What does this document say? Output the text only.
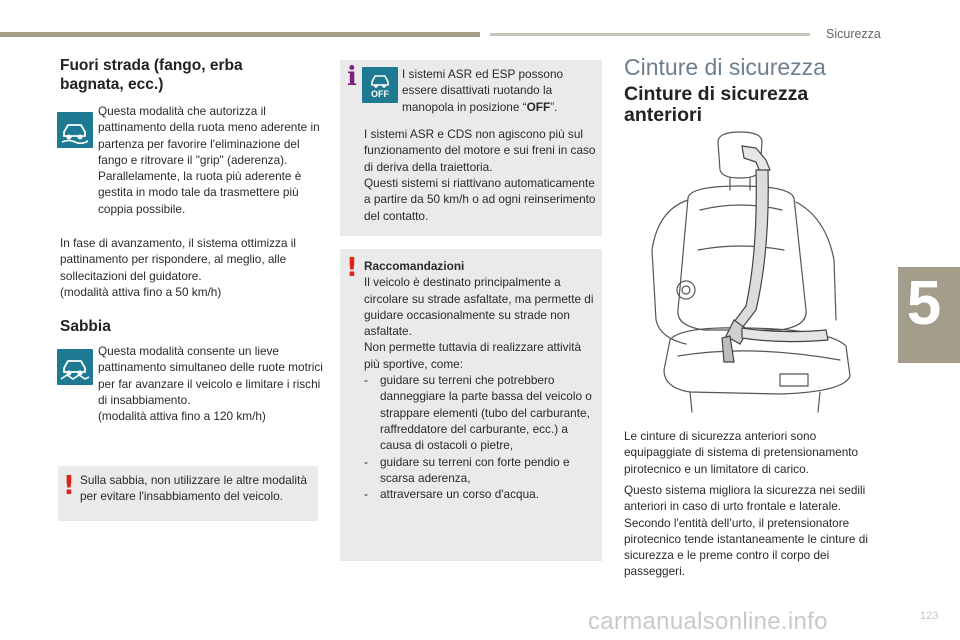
Sicurezza
5
Fuori strada (fango, erba bagnata, ecc.)
Questa modalità che autorizza il pattinamento della ruota meno aderente in partenza per favorire l'eliminazione del fango e ritrovare il "grip" (aderenza). Parallelamente, la ruota più aderente è gestita in modo tale da trasmettere più coppia possibile.
In fase di avanzamento, il sistema ottimizza il pattinamento per rispondere, al meglio, alle sollecitazioni del guidatore.
(modalità attiva fino a 50 km/h)
Sabbia
Questa modalità consente un lieve pattinamento simultaneo delle ruote motrici per far avanzare il veicolo e limitare i rischi di insabbiamento.
(modalità attiva fino a 120 km/h)
! Sulla sabbia, non utilizzare le altre modalità per evitare l'insabbiamento del veicolo.
i
OFF
I sistemi ASR ed ESP possono essere disattivati ruotando la manopola in posizione “OFF”.
I sistemi ASR e CDS non agiscono più sul funzionamento del motore e sui freni in caso di deriva della traiettoria.
Questi sistemi si riattivano automaticamente a partire da 50 km/h o ad ogni reinserimento del contatto.
! Raccomandazioni
Il veicolo è destinato principalmente a circolare su strade asfaltate, ma permette di guidare occasionalmente su strade non asfaltate.
Non permette tuttavia di realizzare attività più sportive, come:
- guidare su terreni che potrebbero danneggiare la parte bassa del veicolo o strappare elementi (tubo del carburante, raffreddatore del carburante, ecc.) a causa di ostacoli o pietre,
- guidare su terreni con forte pendio e scarsa aderenza,
- attraversare un corso d'acqua.
Cinture di sicurezza
Cinture di sicurezza anteriori
Le cinture di sicurezza anteriori sono equipaggiate di sistema di pretensionamento pirotecnico e un limitatore di carico.
Questo sistema migliora la sicurezza nei sedili anteriori in caso di urto frontale e laterale. Secondo l'entità dell’urto, il pretensionatore pirotecnico tende istantaneamente le cinture di sicurezza e le preme contro il corpo dei passeggeri.
carmanualsonline.info	123
